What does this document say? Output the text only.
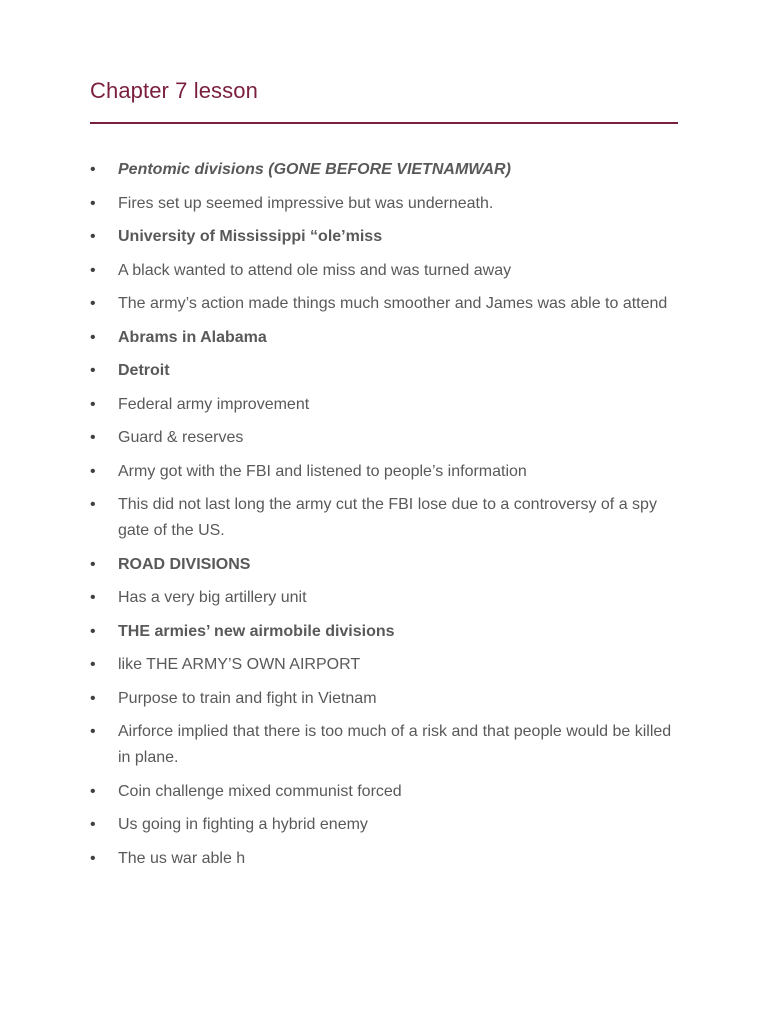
Chapter 7 lesson
• Pentomic divisions (GONE BEFORE VIETNAMWAR)
• Fires set up seemed impressive but was underneath.
• University of Mississippi “ole’miss
• A black wanted to attend ole miss and was turned away
• The army’s action made things much smoother and James was able to attend
• Abrams in Alabama
• Detroit
• Federal army improvement
• Guard & reserves
• Army got with the FBI and listened to people’s information
• This did not last long the army cut the FBI lose due to a controversy of a spy gate of the US.
• ROAD DIVISIONS
• Has a very big artillery unit
• THE armies’ new airmobile divisions
• like THE ARMY’S OWN AIRPORT
• Purpose to train and fight in Vietnam
• Airforce implied that there is too much of a risk and that people would be killed in plane.
• Coin challenge mixed communist forced
• Us going in fighting a hybrid enemy
• The us war able h
